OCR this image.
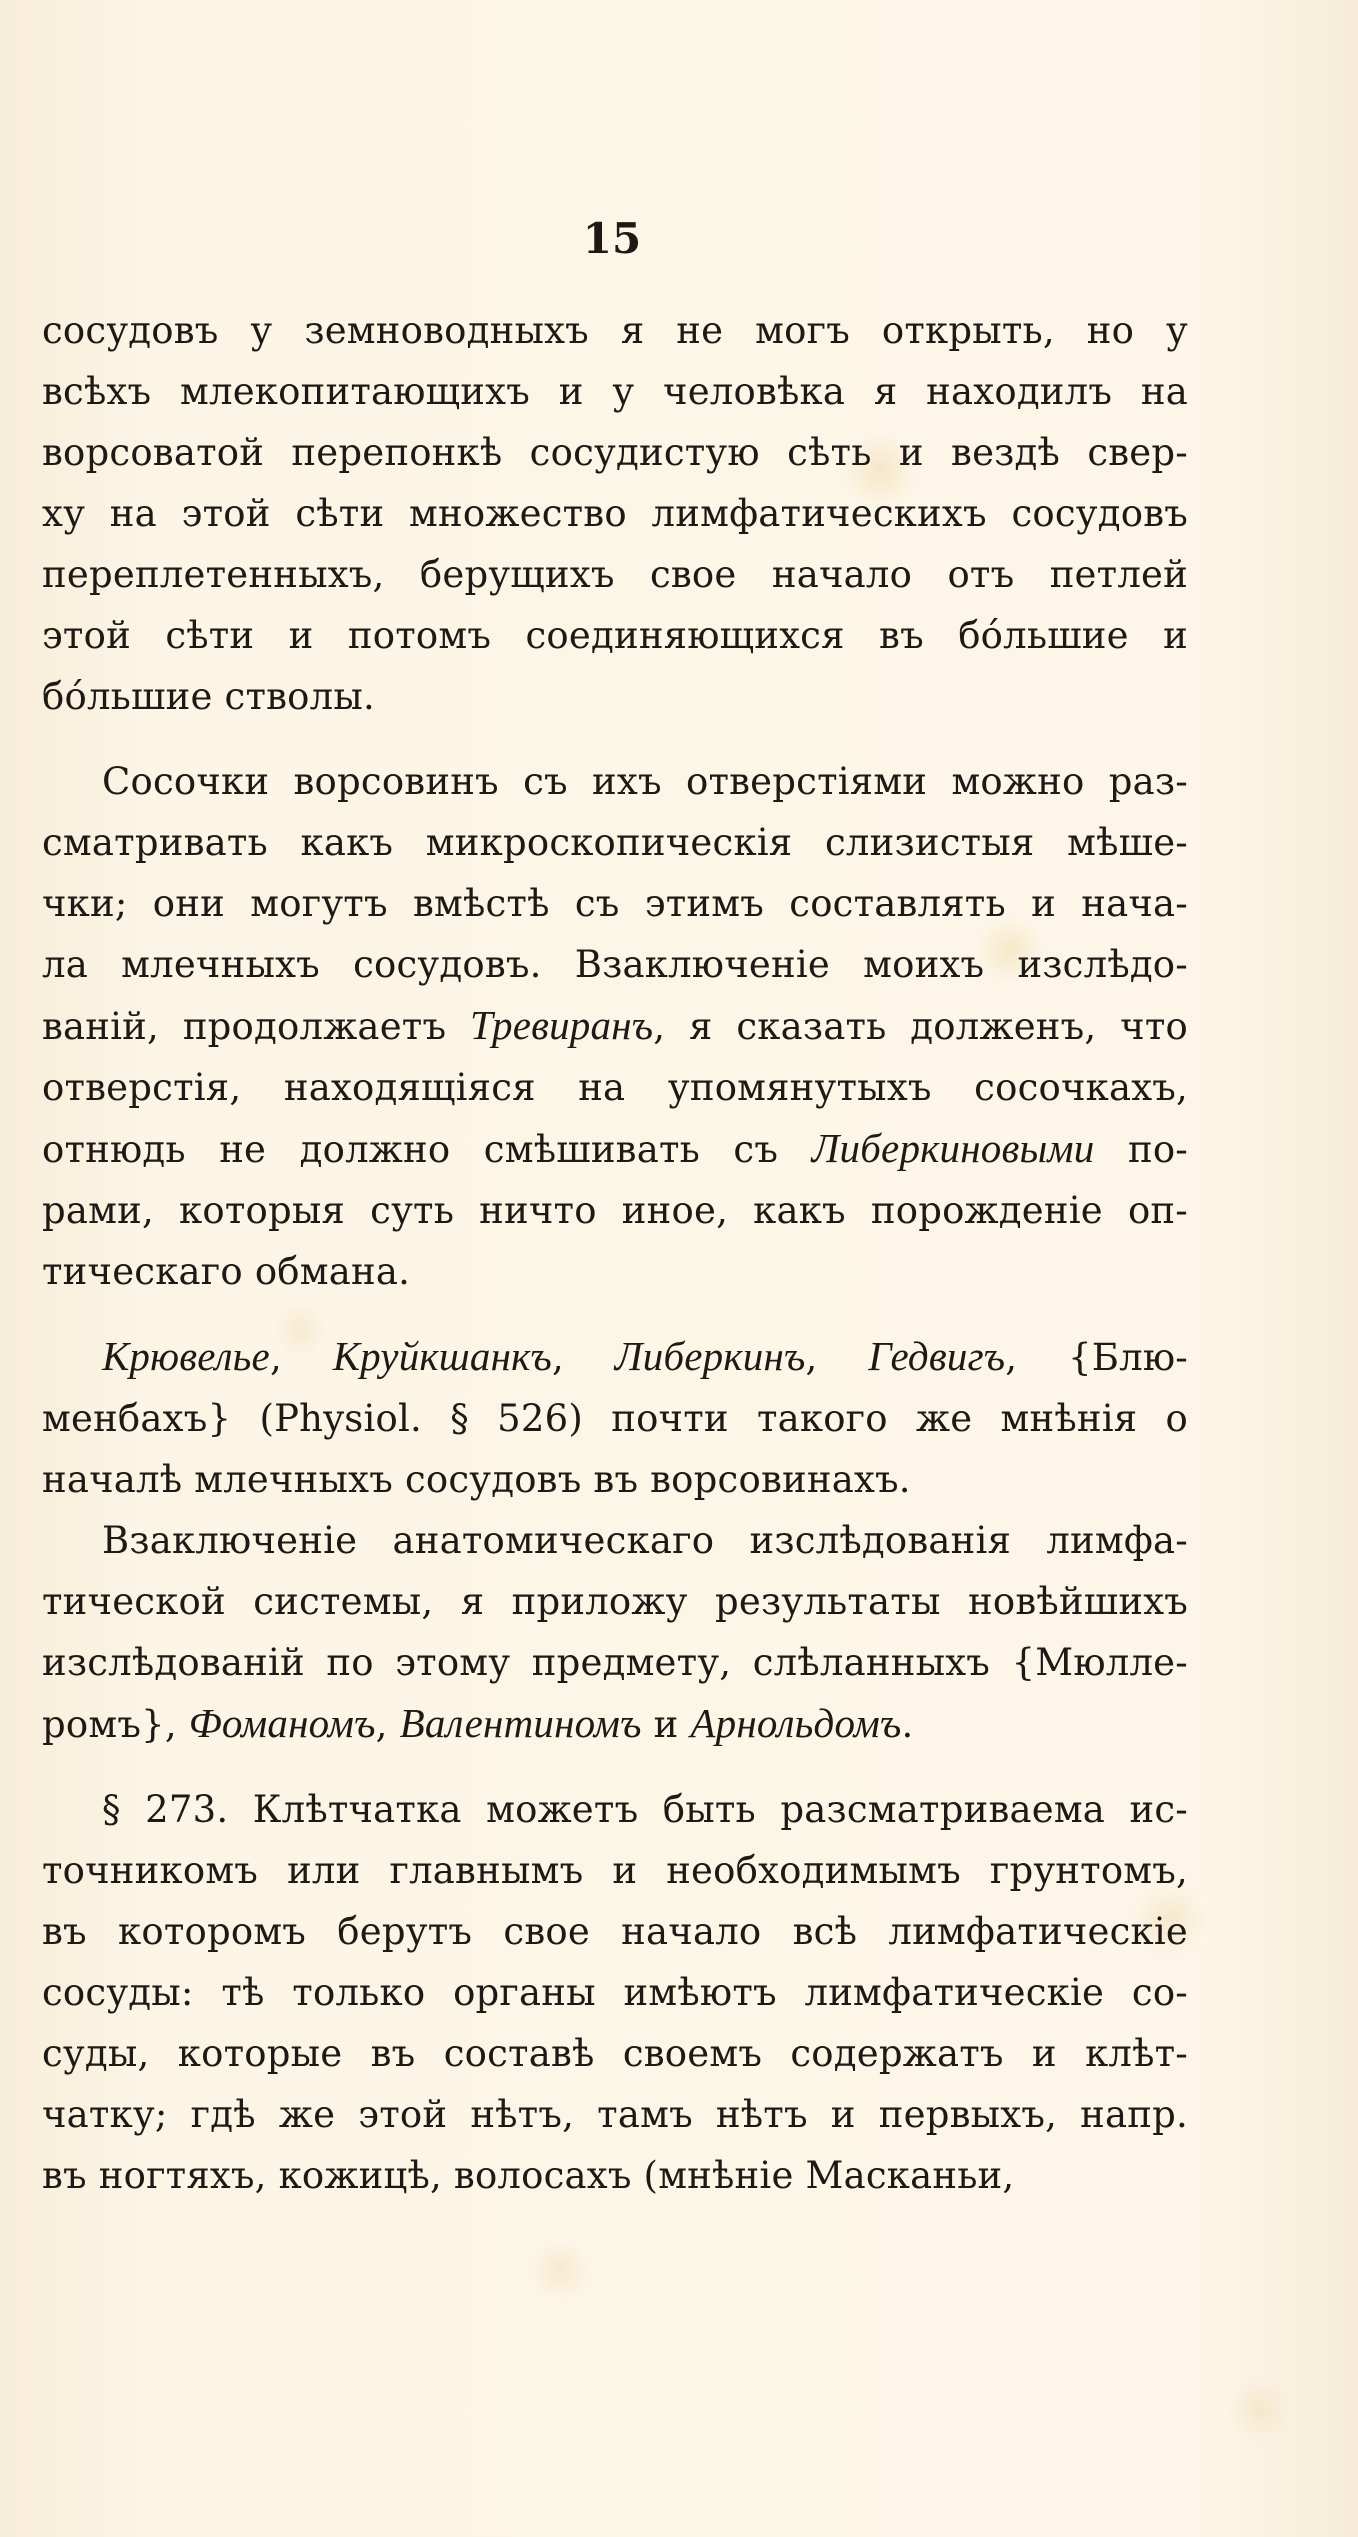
15
сосудовъ у земноводныхъ я не могъ открыть, но у
всѣхъ млекопитающихъ и у человѣка я находилъ на
ворсоватой перепонкѣ сосудистую сѣть и вездѣ свер-
ху на этой сѣти множество лимфатическихъ сосудовъ
переплетенныхъ, берущихъ свое начало отъ петлей
этой сѣти и потомъ соединяющихся въ бо́льшие и
бо́льшие стволы.
Сосочки ворсовинъ съ ихъ отверстіями можно раз-
сматривать какъ микроскопическія слизистыя мѣше-
чки; они могутъ вмѣстѣ съ этимъ составлять и нача-
ла млечныхъ сосудовъ. Взаключеніе моихъ изслѣдо-
ваній, продолжаетъ Тревиранъ, я сказать долженъ, что
отверстія, находящіяся на упомянутыхъ сосочкахъ,
отнюдь не должно смѣшивать съ Либеркиновыми по-
рами, которыя суть ничто иное, какъ порожденіе оп-
тическаго обмана.
Крювелье, Круйкшанкъ, Либеркинъ, Гедвигъ, {Блю-
менбахъ} (Physiol. § 526) почти такого же мнѣнія о
началѣ млечныхъ сосудовъ въ ворсовинахъ.
Взаключеніе анатомическаго изслѣдованія лимфа-
тической системы, я приложу результаты новѣйшихъ
изслѣдованій по этому предмету, слѣланныхъ {Мюлле-
ромъ}, Фоманомъ, Валентиномъ и Арнольдомъ.
§ 273. Клѣтчатка можетъ быть разсматриваема ис-
точникомъ или главнымъ и необходимымъ грунтомъ,
въ которомъ берутъ свое начало всѣ лимфатическіе
сосуды: тѣ только органы имѣютъ лимфатическіе со-
суды, которые въ составѣ своемъ содержатъ и клѣт-
чатку; гдѣ же этой нѣтъ, тамъ нѣтъ и первыхъ, напр.
въ ногтяхъ, кожицѣ, волосахъ (мнѣніе Масканьи,
